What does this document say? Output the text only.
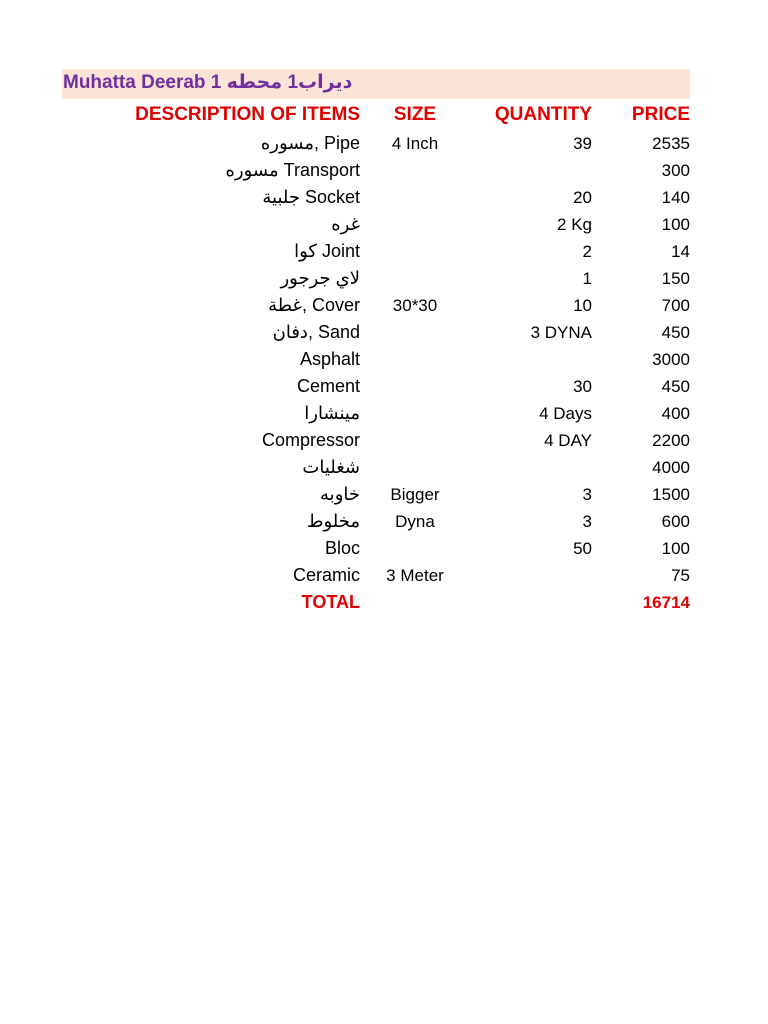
Muhatta Deerab 1 ديراب1 محطه
DESCRIPTION OF ITEMS	SIZE	QUANTITY	PRICE
مسوره, Pipe	4 Inch	39	2535
مسوره Transport			300
جلبية Socket		20	140
غره		2 Kg	100
كوا Joint		2	14
لاي جرجور		1	150
غطة, Cover	30*30	10	700
دفان, Sand		3 DYNA	450
Asphalt			3000
Cement		30	450
مينشارا		4 Days	400
Compressor		4 DAY	2200
شغليات			4000
خاوبه	Bigger	3	1500
مخلوط	Dyna	3	600
Bloc		50	100
Ceramic	3 Meter		75
TOTAL			16714
